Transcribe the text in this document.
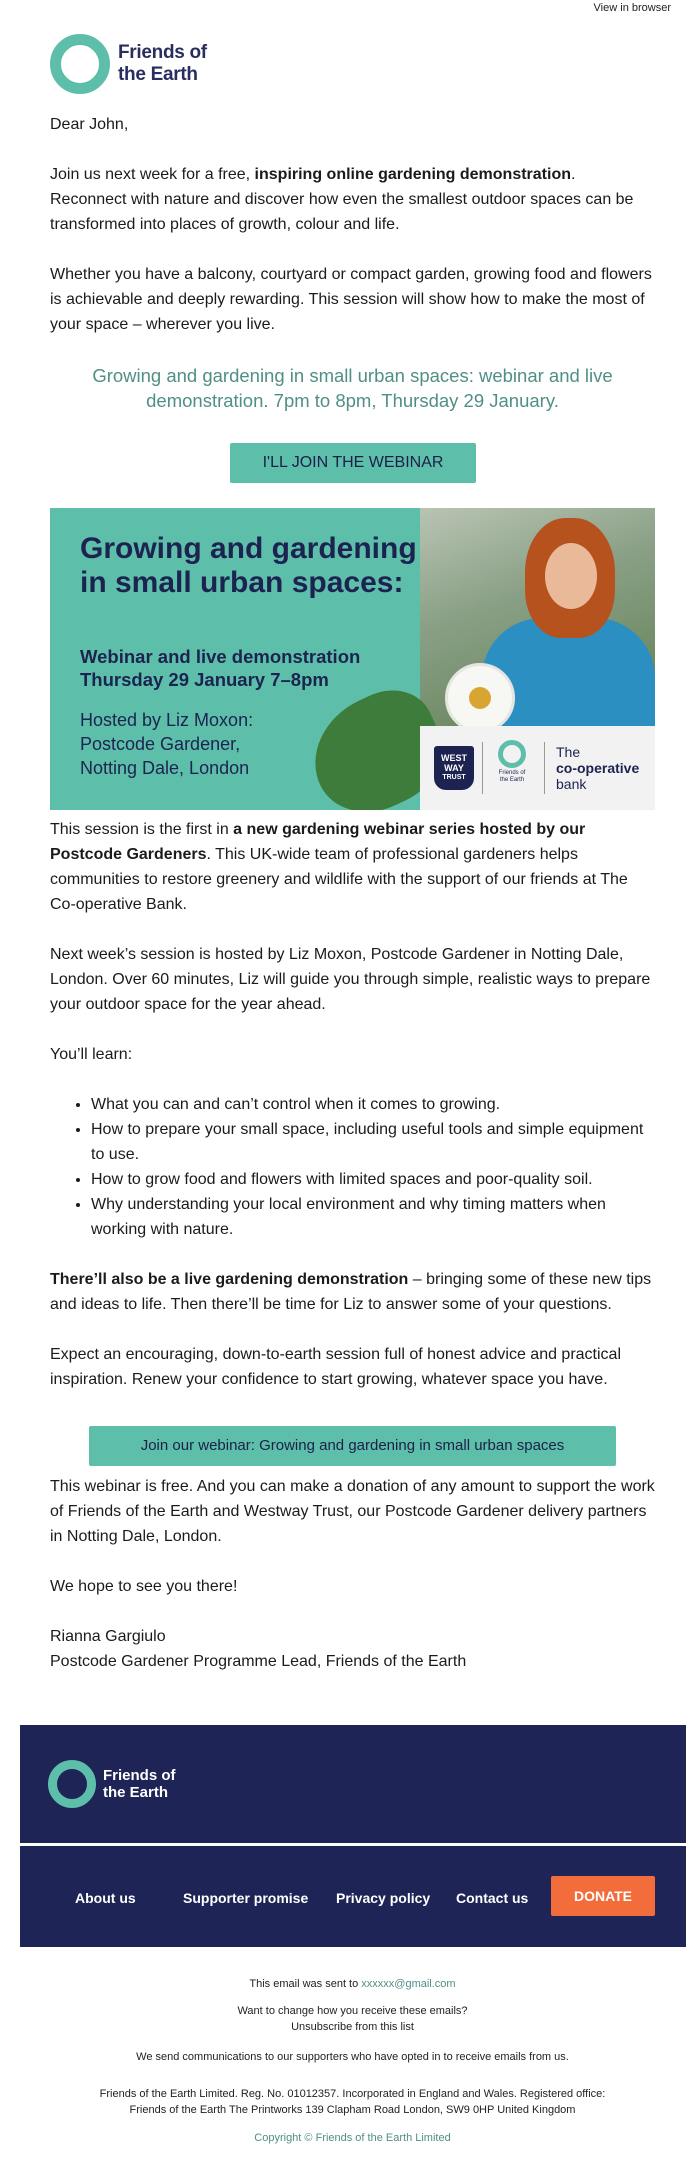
View in browser
Friends of
the Earth
Dear John,
Join us next week for a free, inspiring online gardening demonstration. Reconnect with nature and discover how even the smallest outdoor spaces can be transformed into places of growth, colour and life.
Whether you have a balcony, courtyard or compact garden, growing food and flowers is achievable and deeply rewarding. This session will show how to make the most of your space – wherever you live.
Growing and gardening in small urban spaces: webinar and live demonstration. 7pm to 8pm, Thursday 29 January.
I'LL JOIN THE WEBINAR
Growing and gardening in small urban spaces:
Webinar and live demonstration
Thursday 29 January 7–8pm
Hosted by Liz Moxon:
Postcode Gardener,
Notting Dale, London	WEST
WAY
TRUST
Friends of
the Earth
The
co-operative
bank
This session is the first in a new gardening webinar series hosted by our Postcode Gardeners. This UK-wide team of professional gardeners helps communities to restore greenery and wildlife with the support of our friends at The Co-operative Bank.
Next week’s session is hosted by Liz Moxon, Postcode Gardener in Notting Dale, London. Over 60 minutes, Liz will guide you through simple, realistic ways to prepare your outdoor space for the year ahead.
You’ll learn:
• What you can and can’t control when it comes to growing.
• How to prepare your small space, including useful tools and simple equipment to use.
• How to grow food and flowers with limited spaces and poor-quality soil.
• Why understanding your local environment and why timing matters when working with nature.
There’ll also be a live gardening demonstration – bringing some of these new tips and ideas to life. Then there’ll be time for Liz to answer some of your questions.
Expect an encouraging, down-to-earth session full of honest advice and practical inspiration. Renew your confidence to start growing, whatever space you have.
Join our webinar: Growing and gardening in small urban spaces
This webinar is free. And you can make a donation of any amount to support the work of Friends of the Earth and Westway Trust, our Postcode Gardener delivery partners in Notting Dale, London.
We hope to see you there!
Rianna Gargiulo
Postcode Gardener Programme Lead, Friends of the Earth
Friends of
the Earth
About us	Supporter promise Privacy policy Contact us	DONATE
This email was sent to xxxxxx@gmail.com
Want to change how you receive these emails?
Unsubscribe from this list
We send communications to our supporters who have opted in to receive emails from us.
Friends of the Earth Limited. Reg. No. 01012357. Incorporated in England and Wales. Registered office:
Friends of the Earth The Printworks 139 Clapham Road London, SW9 0HP United Kingdom
Copyright © Friends of the Earth Limited
